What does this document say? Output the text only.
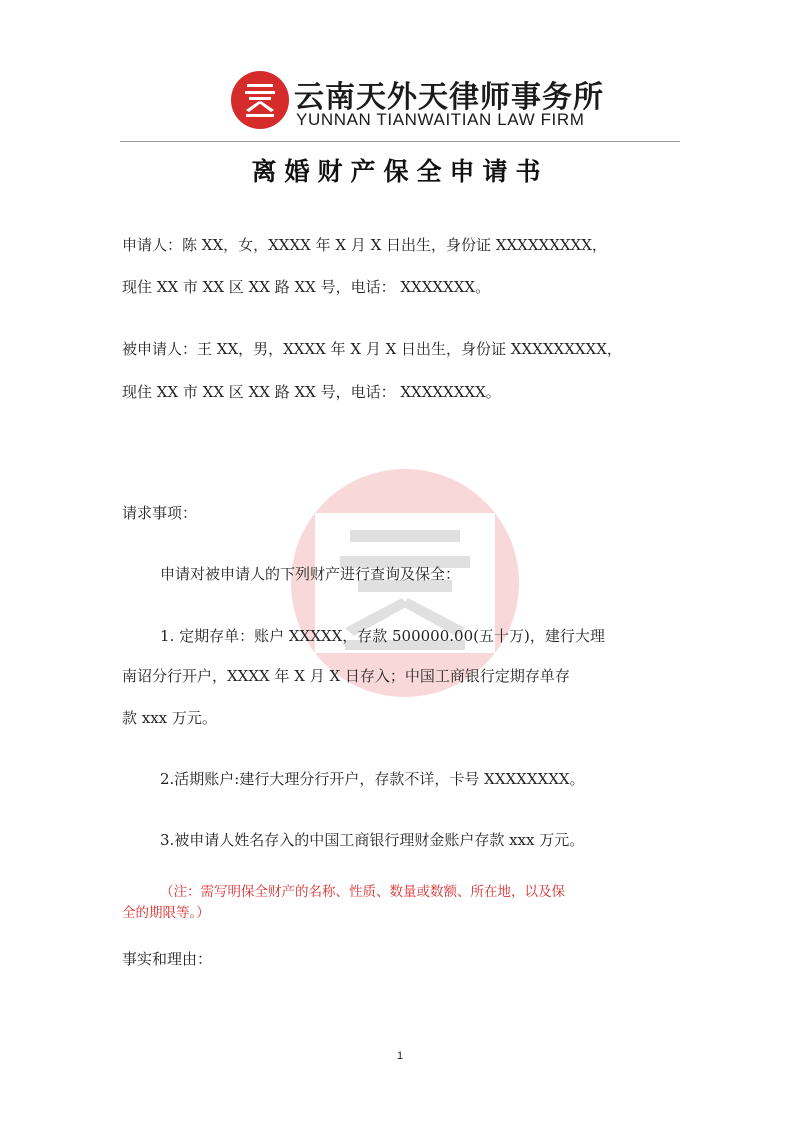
云南天外天律师事务所
YUNNAN TIANWAITIAN LAW FIRM
离婚财产保全申请书
申请人：陈 XX，女，XXXX 年 X 月 X 日出生，身份证 XXXXXXXXX，
现住 XX 市 XX 区 XX 路 XX 号，电话： XXXXXXX。
被申请人：王 XX，男，XXXX 年 X 月 X 日出生，身份证 XXXXXXXXX，
现住 XX 市 XX 区 XX 路 XX 号，电话： XXXXXXXX。
请求事项：
申请对被申请人的下列财产进行查询及保全：
1. 定期存单：账户 XXXXX，存款 500000.00(五十万)，建行大理
南诏分行开户，XXXX 年 X 月 X 日存入；中国工商银行定期存单存
款 xxx 万元。
2.活期账户:建行大理分行开户，存款不详，卡号 XXXXXXXX。
3.被申请人姓名存入的中国工商银行理财金账户存款 xxx 万元。
（注：需写明保全财产的名称、性质、数量或数额、所在地，以及保
全的期限等。）
事实和理由：
1
